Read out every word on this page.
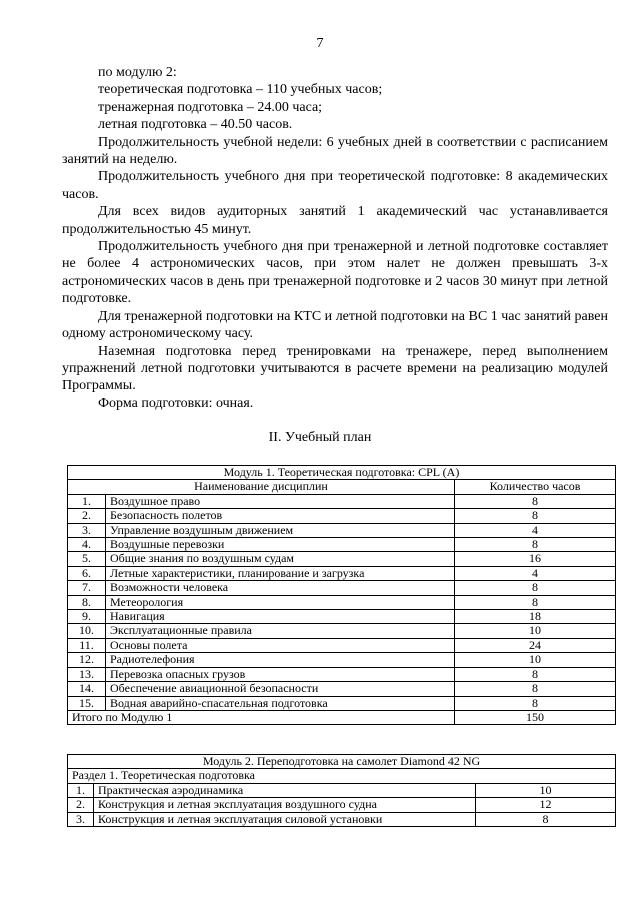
7

по модулю 2:

теоретическая подготовка – 110 учебных часов;

тренажерная подготовка – 24.00 часа;

летная подготовка – 40.50 часов.

Продолжительность учебной недели: 6 учебных дней в соответствии с расписанием занятий на неделю.

Продолжительность учебного дня при теоретической подготовке: 8 академических часов.

Для всех видов аудиторных занятий 1 академический час устанавливается продолжительностью 45 минут.

Продолжительность учебного дня при тренажерной и летной подготовке составляет не более 4 астрономических часов, при этом налет не должен превышать 3-х астрономических часов в день при тренажерной подготовке и 2 часов 30 минут при летной подготовке.

Для тренажерной подготовки на КТС и летной подготовки на ВС 1 час занятий равен одному астрономическому часу.

Наземная подготовка перед тренировками на тренажере, перед выполнением упражнений летной подготовки учитываются в расчете времени на реализацию модулей Программы.

Форма подготовки: очная.

II. Учебный план
Модуль 1. Теоретическая подготовка: CPL (A)		
Наименование дисциплин		Количество часов
1.	Воздушное право	8
2.	Безопасность полетов	8
3.	Управление воздушным движением	4
4.	Воздушные перевозки	8
5.	Общие знания по воздушным судам	16
6.	Летные характеристики, планирование и загрузка	4
7.	Возможности человека	8
8.	Метеорология	8
9.	Навигация	18
10.	Эксплуатационные правила	10
11.	Основы полета	24
12.	Радиотелефония	10
13.	Перевозка опасных грузов	8
14.	Обеспечение авиационной безопасности	8
15.	Водная аварийно-спасательная подготовка	8
Итого по Модулю 1		150
Модуль 2. Переподготовка на самолет Diamond 42 NG		
Раздел 1. Теоретическая подготовка		
1.	Практическая аэродинамика	10
2.	Конструкция и летная эксплуатация воздушного судна	12
3.	Конструкция и летная эксплуатация силовой установки	8
